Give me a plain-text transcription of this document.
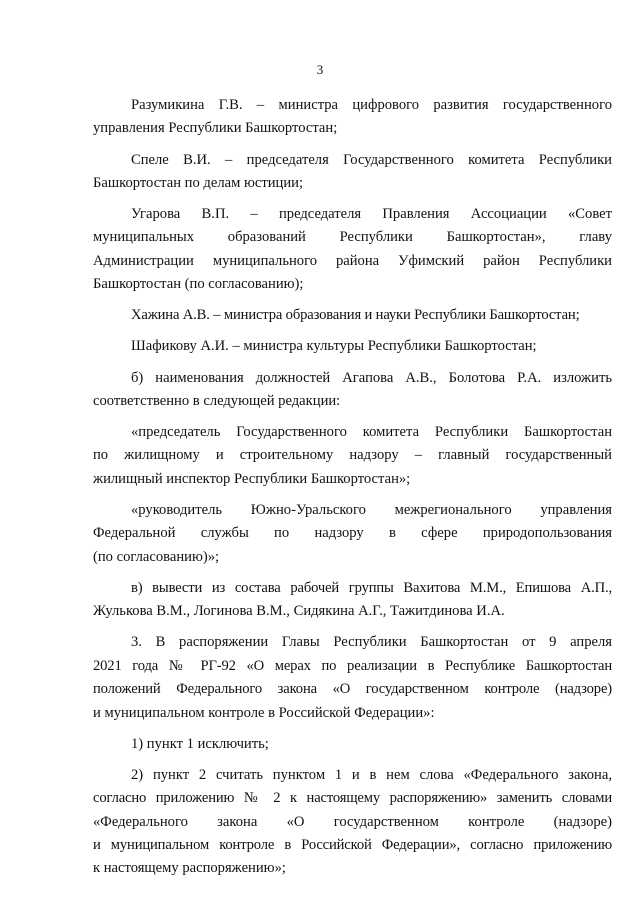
3

Разумикина Г.В. – министра цифрового развития государственного
управления Республики Башкортостан;

Спеле В.И. – председателя Государственного комитета Республики
Башкортостан по делам юстиции;

Угарова В.П. – председателя Правления Ассоциации «Совет
муниципальных образований Республики Башкортостан», главу
Администрации муниципального района Уфимский район Республики
Башкортостан (по согласованию);

Хажина А.В. – министра образования и науки Республики Башкортостан;

Шафикову А.И. – министра культуры Республики Башкортостан;

б) наименования должностей Агапова А.В., Болотова Р.А. изложить
соответственно в следующей редакции:

«председатель Государственного комитета Республики Башкортостан
по жилищному и строительному надзору – главный государственный
жилищный инспектор Республики Башкортостан»;

«руководитель Южно-Уральского межрегионального управления
Федеральной службы по надзору в сфере природопользования
(по согласованию)»;

в) вывести из состава рабочей группы Вахитова М.М., Епишова А.П.,
Жулькова В.М., Логинова В.М., Сидякина А.Г., Тажитдинова И.А.

3. В распоряжении Главы Республики Башкортостан от 9 апреля
2021 года № РГ-92 «О мерах по реализации в Республике Башкортостан
положений Федерального закона «О государственном контроле (надзоре)
и муниципальном контроле в Российской Федерации»:

1) пункт 1 исключить;

2) пункт 2 считать пунктом 1 и в нем слова «Федерального закона,
согласно приложению № 2 к настоящему распоряжению» заменить словами
«Федерального закона «О государственном контроле (надзоре)
и муниципальном контроле в Российской Федерации», согласно приложению
к настоящему распоряжению»;
